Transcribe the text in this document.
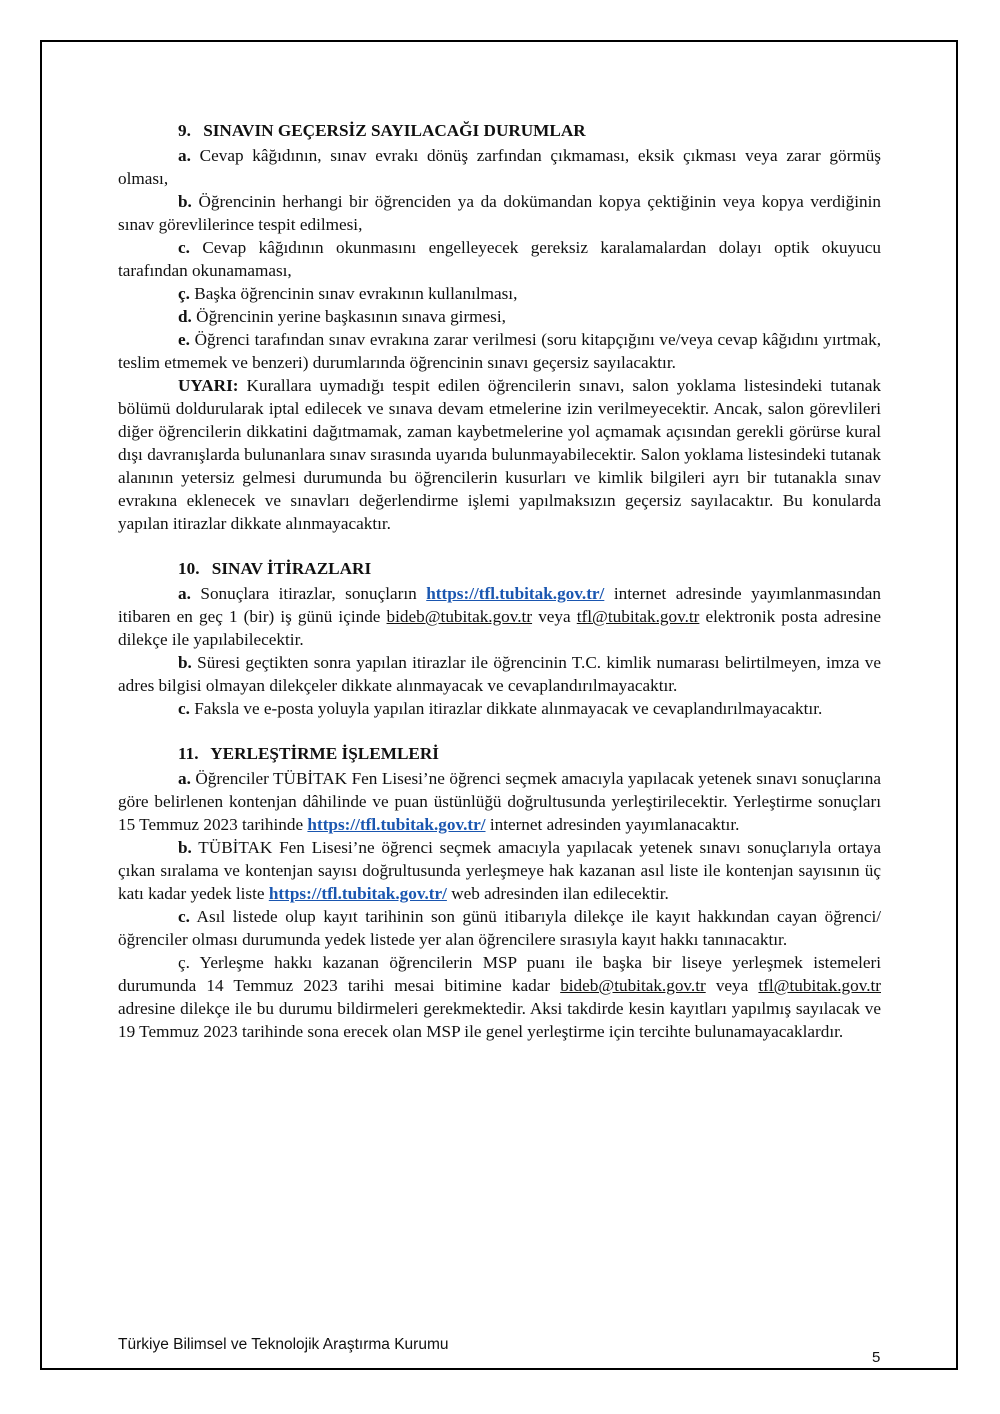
9. SINAVIN GEÇERSİZ SAYILACAĞI DURUMLAR

a. Cevap kâğıdının, sınav evrakı dönüş zarfından çıkmaması, eksik çıkması veya zarar görmüş olması,

b. Öğrencinin herhangi bir öğrenciden ya da dokümandan kopya çektiğinin veya kopya verdiğinin sınav görevlilerince tespit edilmesi,

c. Cevap kâğıdının okunmasını engelleyecek gereksiz karalamalardan dolayı optik okuyucu tarafından okunamaması,

ç. Başka öğrencinin sınav evrakının kullanılması,

d. Öğrencinin yerine başkasının sınava girmesi,

e. Öğrenci tarafından sınav evrakına zarar verilmesi (soru kitapçığını ve/veya cevap kâğıdını yırtmak, teslim etmemek ve benzeri) durumlarında öğrencinin sınavı geçersiz sayılacaktır.

UYARI: Kurallara uymadığı tespit edilen öğrencilerin sınavı, salon yoklama listesindeki tutanak bölümü doldurularak iptal edilecek ve sınava devam etmelerine izin verilmeyecektir. Ancak, salon görevlileri diğer öğrencilerin dikkatini dağıtmamak, zaman kaybetmelerine yol açmamak açısından gerekli görürse kural dışı davranışlarda bulunanlara sınav sırasında uyarıda bulunmayabilecektir. Salon yoklama listesindeki tutanak alanının yetersiz gelmesi durumunda bu öğrencilerin kusurları ve kimlik bilgileri ayrı bir tutanakla sınav evrakına eklenecek ve sınavları değerlendirme işlemi yapılmaksızın geçersiz sayılacaktır. Bu konularda yapılan itirazlar dikkate alınmayacaktır.

10. SINAV İTİRAZLARI

a. Sonuçlara itirazlar, sonuçların https://tfl.tubitak.gov.tr/ internet adresinde yayımlanmasından itibaren en geç 1 (bir) iş günü içinde bideb@tubitak.gov.tr veya tfl@tubitak.gov.tr elektronik posta adresine dilekçe ile yapılabilecektir.

b. Süresi geçtikten sonra yapılan itirazlar ile öğrencinin T.C. kimlik numarası belirtilmeyen, imza ve adres bilgisi olmayan dilekçeler dikkate alınmayacak ve cevaplandırılmayacaktır.

c. Faksla ve e-posta yoluyla yapılan itirazlar dikkate alınmayacak ve cevaplandırılmayacaktır.

11. YERLEŞTİRME İŞLEMLERİ

a. Öğrenciler TÜBİTAK Fen Lisesi’ne öğrenci seçmek amacıyla yapılacak yetenek sınavı sonuçlarına göre belirlenen kontenjan dâhilinde ve puan üstünlüğü doğrultusunda yerleştirilecektir. Yerleştirme sonuçları 15 Temmuz 2023 tarihinde https://tfl.tubitak.gov.tr/ internet adresinden yayımlanacaktır.

b. TÜBİTAK Fen Lisesi’ne öğrenci seçmek amacıyla yapılacak yetenek sınavı sonuçlarıyla ortaya çıkan sıralama ve kontenjan sayısı doğrultusunda yerleşmeye hak kazanan asıl liste ile kontenjan sayısının üç katı kadar yedek liste https://tfl.tubitak.gov.tr/ web adresinden ilan edilecektir.

c. Asıl listede olup kayıt tarihinin son günü itibarıyla dilekçe ile kayıt hakkından cayan öğrenci/öğrenciler olması durumunda yedek listede yer alan öğrencilere sırasıyla kayıt hakkı tanınacaktır.

ç. Yerleşme hakkı kazanan öğrencilerin MSP puanı ile başka bir liseye yerleşmek istemeleri durumunda 14 Temmuz 2023 tarihi mesai bitimine kadar bideb@tubitak.gov.tr veya tfl@tubitak.gov.tr adresine dilekçe ile bu durumu bildirmeleri gerekmektedir. Aksi takdirde kesin kayıtları yapılmış sayılacak ve 19 Temmuz 2023 tarihinde sona erecek olan MSP ile genel yerleştirme için tercihte bulunamayacaklardır.

5
Türkiye Bilimsel ve Teknolojik Araştırma Kurumu
